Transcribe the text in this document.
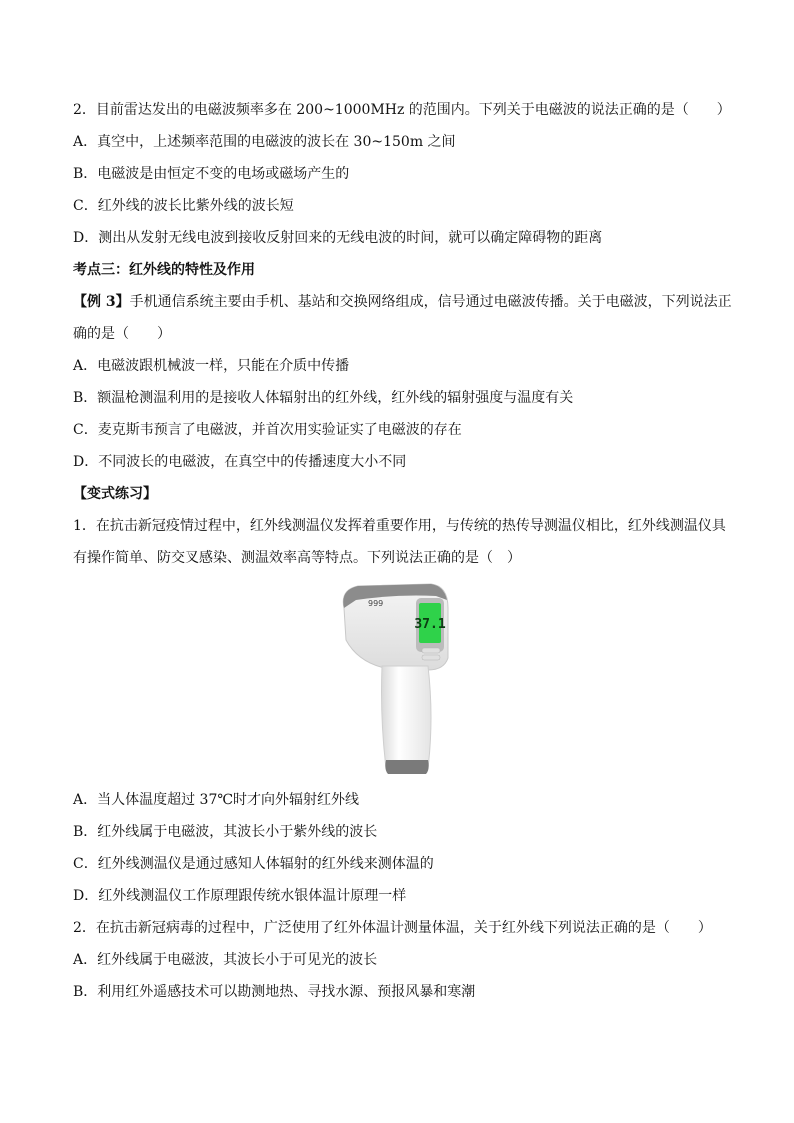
2．目前雷达发出的电磁波频率多在 200~1000MHz 的范围内。下列关于电磁波的说法正确的是（　　）
A．真空中，上述频率范围的电磁波的波长在 30~150m 之间
B．电磁波是由恒定不变的电场或磁场产生的
C．红外线的波长比紫外线的波长短
D．测出从发射无线电波到接收反射回来的无线电波的时间，就可以确定障碍物的距离
考点三：红外线的特性及作用
【例 3】手机通信系统主要由手机、基站和交换网络组成，信号通过电磁波传播。关于电磁波，下列说法正
确的是（　　）
A．电磁波跟机械波一样，只能在介质中传播
B．额温枪测温利用的是接收人体辐射出的红外线，红外线的辐射强度与温度有关
C．麦克斯韦预言了电磁波，并首次用实验证实了电磁波的存在
D．不同波长的电磁波，在真空中的传播速度大小不同
【变式练习】
1．在抗击新冠疫情过程中，红外线测温仪发挥着重要作用，与传统的热传导测温仪相比，红外线测温仪具
有操作简单、防交叉感染、测温效率高等特点。下列说法正确的是（　）
37.1
999
A．当人体温度超过 37℃时才向外辐射红外线
B．红外线属于电磁波，其波长小于紫外线的波长
C．红外线测温仪是通过感知人体辐射的红外线来测体温的
D．红外线测温仪工作原理跟传统水银体温计原理一样
2．在抗击新冠病毒的过程中，广泛使用了红外体温计测量体温，关于红外线下列说法正确的是（　　）
A．红外线属于电磁波，其波长小于可见光的波长
B．利用红外遥感技术可以勘测地热、寻找水源、预报风暴和寒潮
